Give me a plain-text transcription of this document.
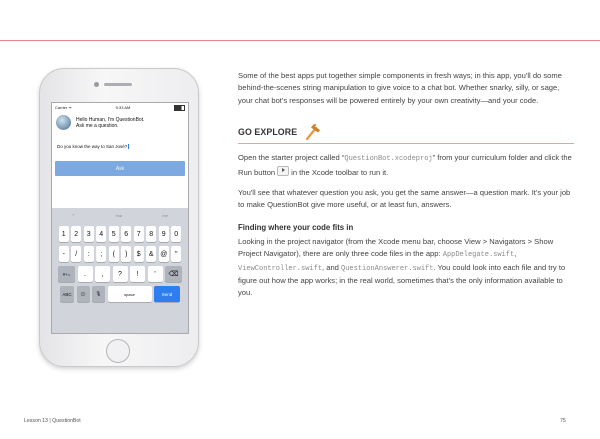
Carrier ᯤ	9:33 AM
Hello Human, I'm QuestionBot.
Ask me a question.
Do you know the way to San José?
Ask
""	You	me
1	2	3	4	5	6	7	8	9	0
-	/	:	;	(	)	$	& @	"
#+=	.	,	?	!	'	⌫
ABC	☺	🎙	space	Send

Some of the best apps put together simple components in fresh ways; in this app, you'll do some behind-the-scenes string manipulation to give voice to a chat bot. Whether snarky, silly, or sage, your chat bot's responses will be powered entirely by your own creativity—and your code.

GO EXPLORE

Open the starter project called “QuestionBot.xcodeproj” from your curriculum folder and click the Run button in the Xcode toolbar to run it.

You'll see that whatever question you ask, you get the same answer—a question mark. It's your job to make QuestionBot give more useful, or at least fun, answers.

Finding where your code fits in

Looking in the project navigator (from the Xcode menu bar, choose View > Navigators > Show Project Navigator), there are only three code files in the app: AppDelegate.swift, ViewController.swift, and QuestionAnswerer.swift. You could look into each file and try to figure out how the app works; in the real world, sometimes that's the only information available to you.

Lesson 13 | QuestionBot	75
